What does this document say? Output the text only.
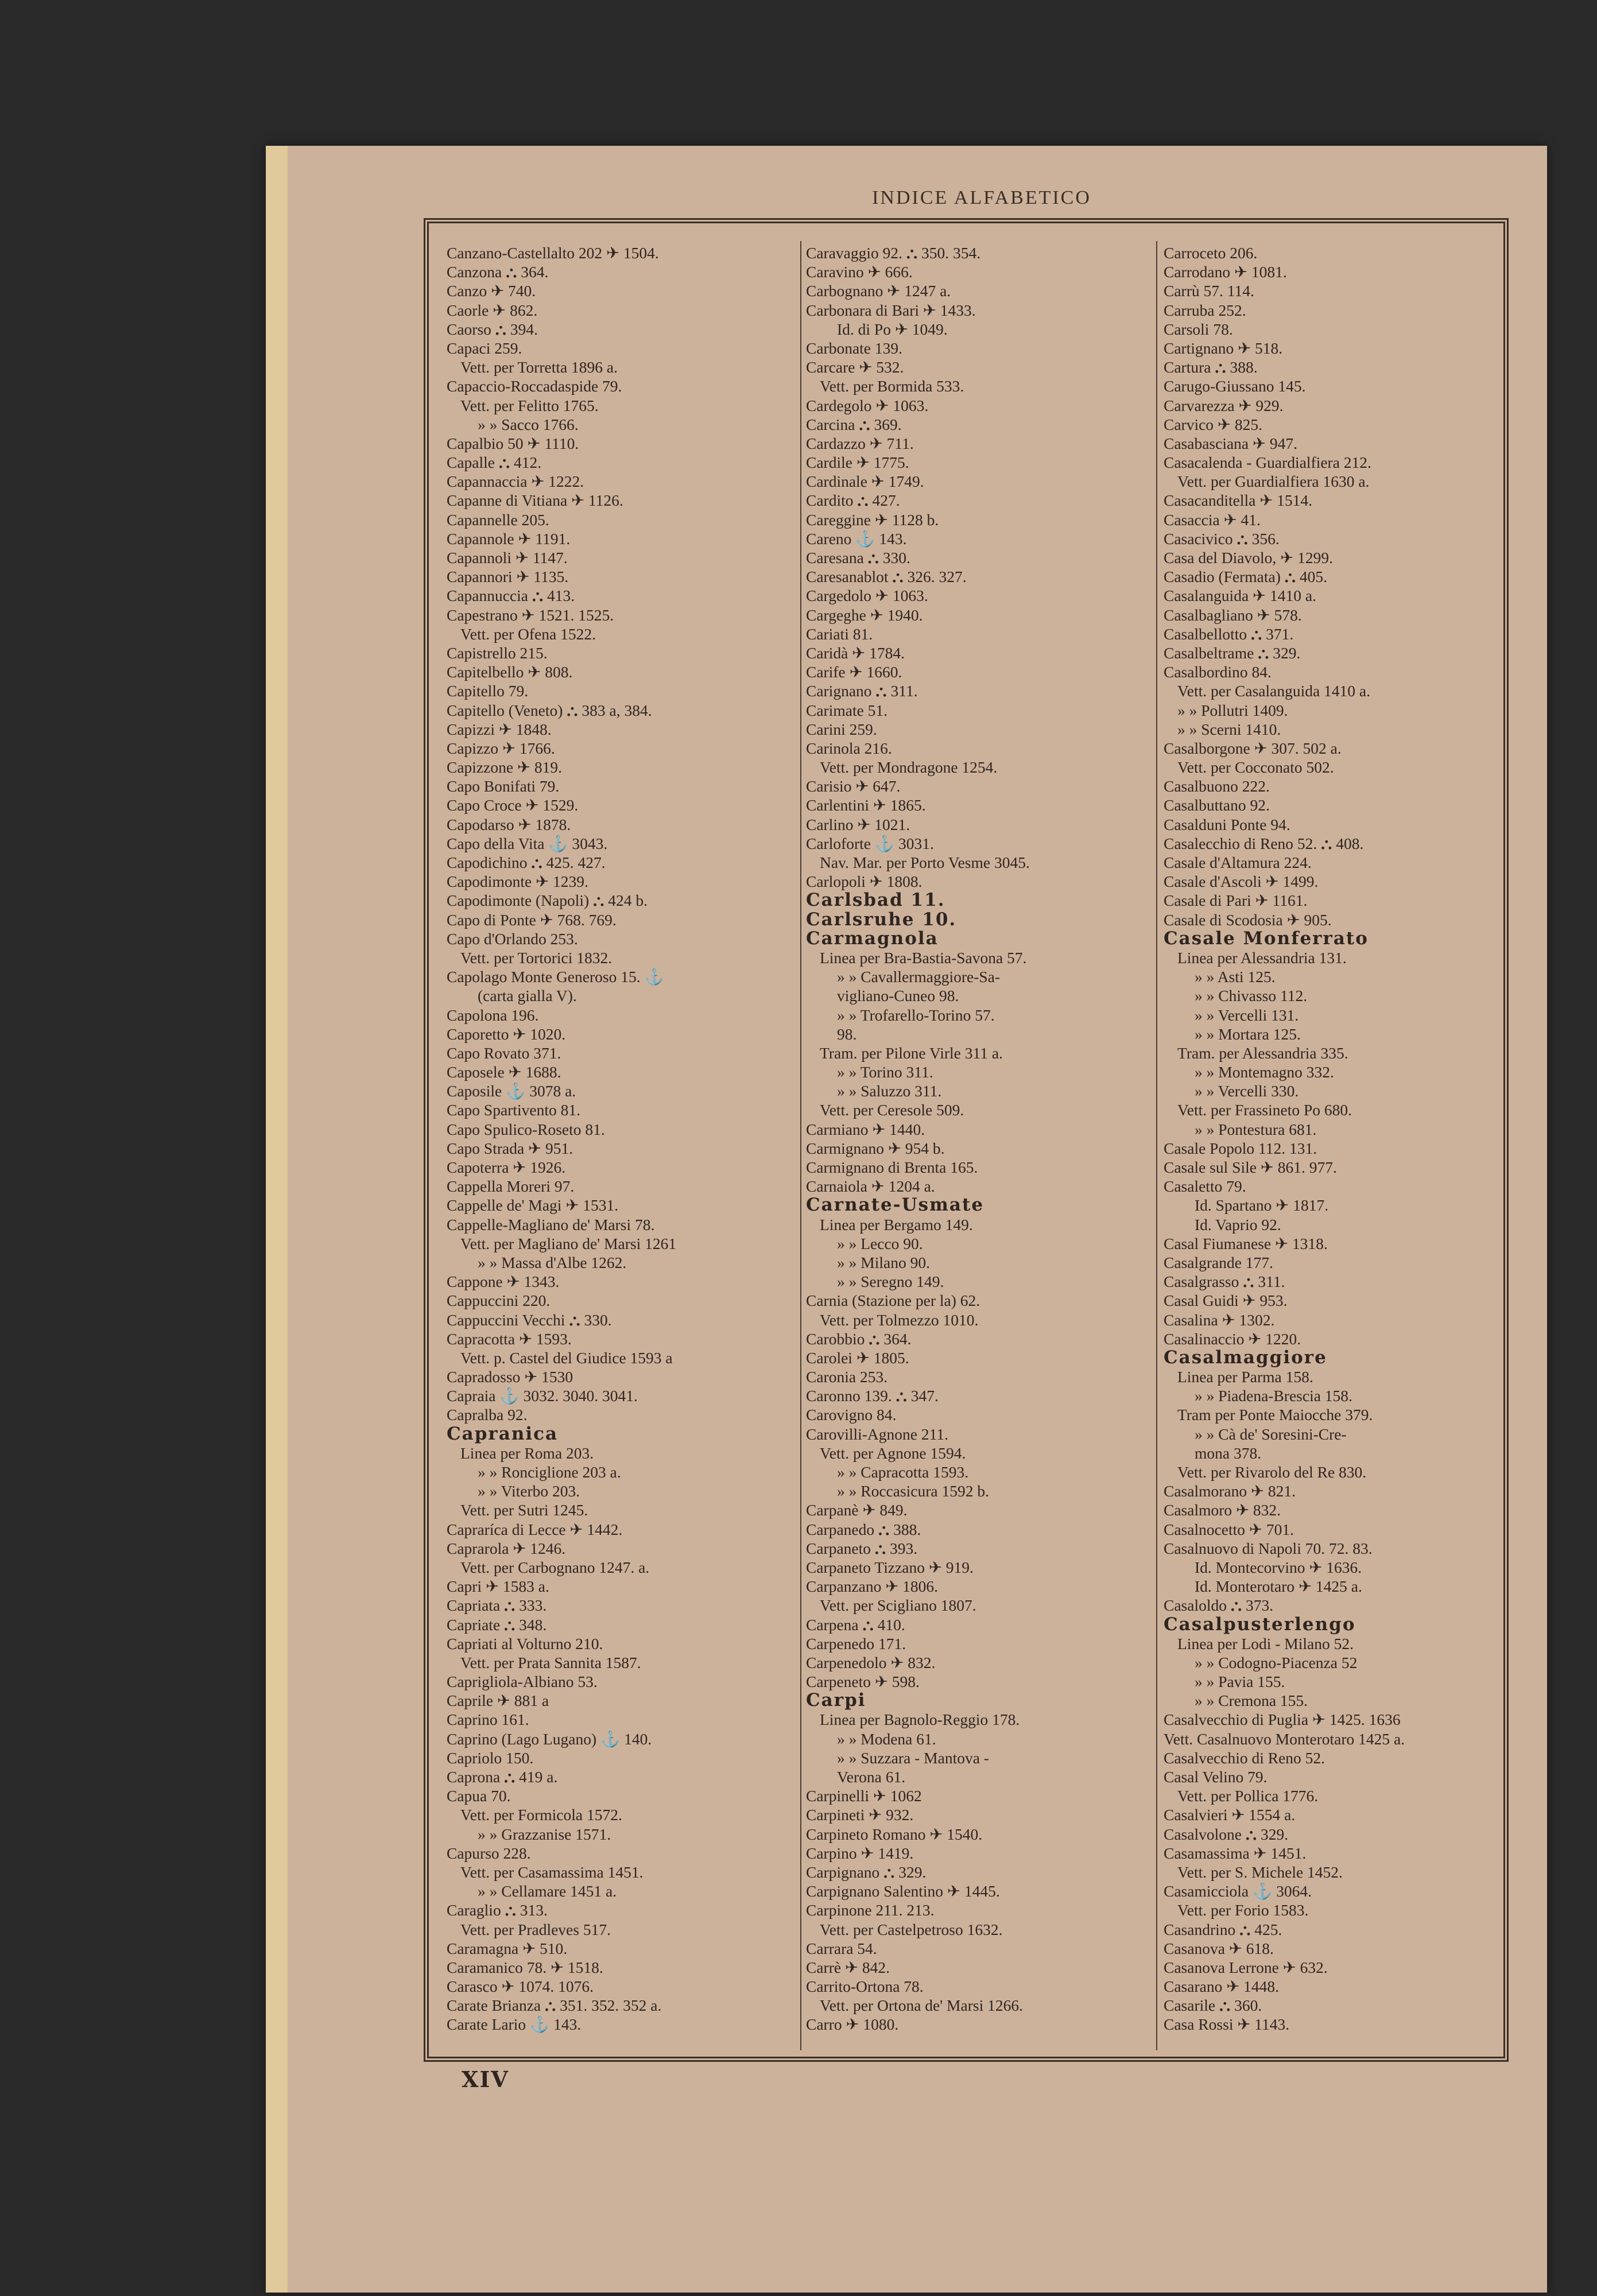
INDICE ALFABETICO
Canzano-Castellalto 202 ✈ 1504.
Canzona ⛬ 364.
Canzo ✈ 740.
Caorle ✈ 862.
Caorso ⛬ 394.
Capaci 259.
Vett. per Torretta 1896 a.
Capaccio-Roccadaspide 79.
Vett. per Felitto 1765.
» » Sacco 1766.
Capalbio 50 ✈ 1110.
Capalle ⛬ 412.
Capannaccia ✈ 1222.
Capanne di Vitiana ✈ 1126.
Capannelle 205.
Capannole ✈ 1191.
Capannoli ✈ 1147.
Capannori ✈ 1135.
Capannuccia ⛬ 413.
Capestrano ✈ 1521. 1525.
Vett. per Ofena 1522.
Capistrello 215.
Capitelbello ✈ 808.
Capitello 79.
Capitello (Veneto) ⛬ 383 a, 384.
Capizzi ✈ 1848.
Capizzo ✈ 1766.
Capizzone ✈ 819.
Capo Bonifati 79.
Capo Croce ✈ 1529.
Capodarso ✈ 1878.
Capo della Vita ⚓ 3043.
Capodichino ⛬ 425. 427.
Capodimonte ✈ 1239.
Capodimonte (Napoli) ⛬ 424 b.
Capo di Ponte ✈ 768. 769.
Capo d'Orlando 253.
Vett. per Tortorici 1832.
Capolago Monte Generoso 15. ⚓
(carta gialla V).
Capolona 196.
Caporetto ✈ 1020.
Capo Rovato 371.
Caposele ✈ 1688.
Caposile ⚓ 3078 a.
Capo Spartivento 81.
Capo Spulico-Roseto 81.
Capo Strada ✈ 951.
Capoterra ✈ 1926.
Cappella Moreri 97.
Cappelle de' Magi ✈ 1531.
Cappelle-Magliano de' Marsi 78.
Vett. per Magliano de' Marsi 1261
» » Massa d'Albe 1262.
Cappone ✈ 1343.
Cappuccini 220.
Cappuccini Vecchi ⛬ 330.
Capracotta ✈ 1593.
Vett. p. Castel del Giudice 1593 a
Capradosso ✈ 1530
Capraia ⚓ 3032. 3040. 3041.
Capralba 92.
Capranica
Linea per Roma 203.
» » Ronciglione 203 a.
» » Viterbo 203.
Vett. per Sutri 1245.
Capraríca di Lecce ✈ 1442.
Caprarola ✈ 1246.
Vett. per Carbognano 1247. a.
Capri ✈ 1583 a.
Capriata ⛬ 333.
Capriate ⛬ 348.
Capriati al Volturno 210.
Vett. per Prata Sannita 1587.
Caprigliola-Albiano 53.
Caprile ✈ 881 a
Caprino 161.
Caprino (Lago Lugano) ⚓ 140.
Capriolo 150.
Caprona ⛬ 419 a.
Capua 70.
Vett. per Formicola 1572.
» » Grazzanise 1571.
Capurso 228.
Vett. per Casamassima 1451.
» » Cellamare 1451 a.
Caraglio ⛬ 313.
Vett. per Pradleves 517.
Caramagna ✈ 510.
Caramanico 78. ✈ 1518.
Carasco ✈ 1074. 1076.
Carate Brianza ⛬ 351. 352. 352 a.
Carate Lario ⚓ 143.
Caravaggio 92. ⛬ 350. 354.
Caravino ✈ 666.
Carbognano ✈ 1247 a.
Carbonara di Bari ✈ 1433.
Id. di Po ✈ 1049.
Carbonate 139.
Carcare ✈ 532.
Vett. per Bormida 533.
Cardegolo ✈ 1063.
Carcina ⛬ 369.
Cardazzo ✈ 711.
Cardile ✈ 1775.
Cardinale ✈ 1749.
Cardito ⛬ 427.
Careggine ✈ 1128 b.
Careno ⚓ 143.
Caresana ⛬ 330.
Caresanablot ⛬ 326. 327.
Cargedolo ✈ 1063.
Cargeghe ✈ 1940.
Cariati 81.
Caridà ✈ 1784.
Carife ✈ 1660.
Carignano ⛬ 311.
Carimate 51.
Carini 259.
Carinola 216.
Vett. per Mondragone 1254.
Carisio ✈ 647.
Carlentini ✈ 1865.
Carlino ✈ 1021.
Carloforte ⚓ 3031.
Nav. Mar. per Porto Vesme 3045.
Carlopoli ✈ 1808.
Carlsbad 11.
Carlsruhe 10.
Carmagnola
Linea per Bra-Bastia-Savona 57.
» » Cavallermaggiore-Sa-
vigliano-Cuneo 98.
» » Trofarello-Torino 57.
98.
Tram. per Pilone Virle 311 a.
» » Torino 311.
» » Saluzzo 311.
Vett. per Ceresole 509.
Carmiano ✈ 1440.
Carmignano ✈ 954 b.
Carmignano di Brenta 165.
Carnaiola ✈ 1204 a.
Carnate-Usmate
Linea per Bergamo 149.
» » Lecco 90.
» » Milano 90.
» » Seregno 149.
Carnia (Stazione per la) 62.
Vett. per Tolmezzo 1010.
Carobbio ⛬ 364.
Carolei ✈ 1805.
Caronia 253.
Caronno 139. ⛬ 347.
Carovigno 84.
Carovilli-Agnone 211.
Vett. per Agnone 1594.
» » Capracotta 1593.
» » Roccasicura 1592 b.
Carpanè ✈ 849.
Carpanedo ⛬ 388.
Carpaneto ⛬ 393.
Carpaneto Tizzano ✈ 919.
Carpanzano ✈ 1806.
Vett. per Scigliano 1807.
Carpena ⛬ 410.
Carpenedo 171.
Carpenedolo ✈ 832.
Carpeneto ✈ 598.
Carpi
Linea per Bagnolo-Reggio 178.
» » Modena 61.
» » Suzzara - Mantova -
Verona 61.
Carpinelli ✈ 1062
Carpineti ✈ 932.
Carpineto Romano ✈ 1540.
Carpino ✈ 1419.
Carpignano ⛬ 329.
Carpignano Salentino ✈ 1445.
Carpinone 211. 213.
Vett. per Castelpetroso 1632.
Carrara 54.
Carrè ✈ 842.
Carrito-Ortona 78.
Vett. per Ortona de' Marsi 1266.
Carro ✈ 1080.
Carroceto 206.
Carrodano ✈ 1081.
Carrù 57. 114.
Carruba 252.
Carsoli 78.
Cartignano ✈ 518.
Cartura ⛬ 388.
Carugo-Giussano 145.
Carvarezza ✈ 929.
Carvico ✈ 825.
Casabasciana ✈ 947.
Casacalenda - Guardialfiera 212.
Vett. per Guardialfiera 1630 a.
Casacanditella ✈ 1514.
Casaccia ✈ 41.
Casacivico ⛬ 356.
Casa del Diavolo, ✈ 1299.
Casadio (Fermata) ⛬ 405.
Casalanguida ✈ 1410 a.
Casalbagliano ✈ 578.
Casalbellotto ⛬ 371.
Casalbeltrame ⛬ 329.
Casalbordino 84.
Vett. per Casalanguida 1410 a.
» » Pollutri 1409.
» » Scerni 1410.
Casalborgone ✈ 307. 502 a.
Vett. per Cocconato 502.
Casalbuono 222.
Casalbuttano 92.
Casalduni Ponte 94.
Casalecchio di Reno 52. ⛬ 408.
Casale d'Altamura 224.
Casale d'Ascoli ✈ 1499.
Casale di Pari ✈ 1161.
Casale di Scodosia ✈ 905.
Casale Monferrato
Linea per Alessandria 131.
» » Asti 125.
» » Chivasso 112.
» » Vercelli 131.
» » Mortara 125.
Tram. per Alessandria 335.
» » Montemagno 332.
» » Vercelli 330.
Vett. per Frassineto Po 680.
» » Pontestura 681.
Casale Popolo 112. 131.
Casale sul Sile ✈ 861. 977.
Casaletto 79.
Id. Spartano ✈ 1817.
Id. Vaprio 92.
Casal Fiumanese ✈ 1318.
Casalgrande 177.
Casalgrasso ⛬ 311.
Casal Guidi ✈ 953.
Casalina ✈ 1302.
Casalinaccio ✈ 1220.
Casalmaggiore
Linea per Parma 158.
» » Piadena-Brescia 158.
Tram per Ponte Maiocche 379.
» » Cà de' Soresini-Cre-
mona 378.
Vett. per Rivarolo del Re 830.
Casalmorano ✈ 821.
Casalmoro ✈ 832.
Casalnocetto ✈ 701.
Casalnuovo di Napoli 70. 72. 83.
Id. Montecorvino ✈ 1636.
Id. Monterotaro ✈ 1425 a.
Casaloldo ⛬ 373.
Casalpusterlengo
Linea per Lodi - Milano 52.
» » Codogno-Piacenza 52
» » Pavia 155.
» » Cremona 155.
Casalvecchio di Puglia ✈ 1425. 1636
Vett. Casalnuovo Monterotaro 1425 a.
Casalvecchio di Reno 52.
Casal Velino 79.
Vett. per Pollica 1776.
Casalvieri ✈ 1554 a.
Casalvolone ⛬ 329.
Casamassima ✈ 1451.
Vett. per S. Michele 1452.
Casamicciola ⚓ 3064.
Vett. per Forio 1583.
Casandrino ⛬ 425.
Casanova ✈ 618.
Casanova Lerrone ✈ 632.
Casarano ✈ 1448.
Casarile ⛬ 360.
Casa Rossi ✈ 1143.
XIV
